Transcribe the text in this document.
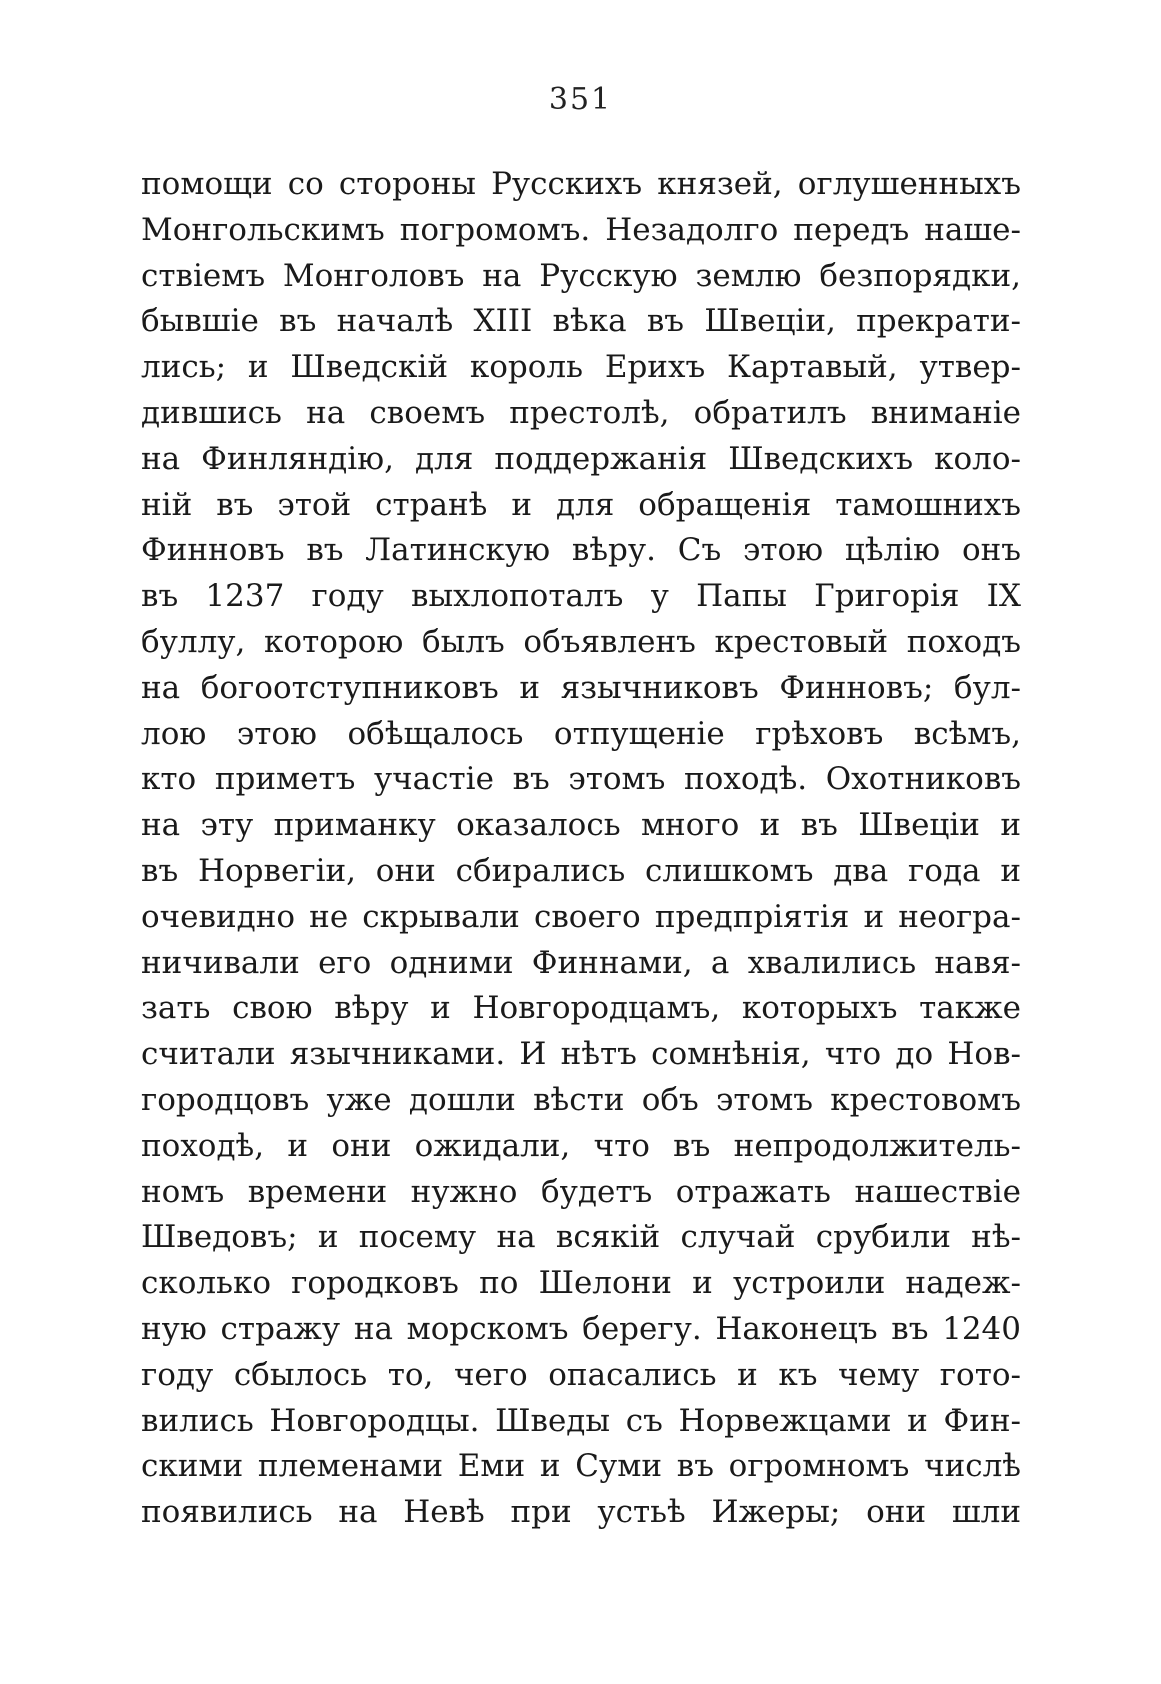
351
помощи со стороны Русскихъ князей, оглушенныхъ
Монгольскимъ погромомъ. Незадолго передъ наше-
ствіемъ Монголовъ на Русскую землю безпорядки,
бывшіе въ началѣ XIII вѣка въ Швеціи, прекрати-
лись; и Шведскій король Ерихъ Картавый, утвер-
дившись на своемъ престолѣ, обратилъ вниманіе
на Финляндію, для поддержанія Шведскихъ коло-
ній въ этой странѣ и для обращенія тамошнихъ
Финновъ въ Латинскую вѣру. Съ этою цѣлію онъ
въ 1237 году выхлопоталъ у Папы Григорія IX
буллу, которою былъ объявленъ крестовый походъ
на богоотступниковъ и язычниковъ Финновъ; бул-
лою этою обѣщалось отпущеніе грѣховъ всѣмъ,
кто приметъ участіе въ этомъ походѣ. Охотниковъ
на эту приманку оказалось много и въ Швеціи и
въ Норвегіи, они сбирались слишкомъ два года и
очевидно не скрывали своего предпріятія и неогра-
ничивали его одними Финнами, а хвалились навя-
зать свою вѣру и Новгородцамъ, которыхъ также
считали язычниками. И нѣтъ сомнѣнія, что до Нов-
городцовъ уже дошли вѣсти объ этомъ крестовомъ
походѣ, и они ожидали, что въ непродолжитель-
номъ времени нужно будетъ отражать нашествіе
Шведовъ; и посему на всякій случай срубили нѣ-
сколько городковъ по Шелони и устроили надеж-
ную стражу на морскомъ берегу. Наконецъ въ 1240
году сбылось то, чего опасались и къ чему гото-
вились Новгородцы. Шведы съ Норвежцами и Фин-
скими племенами Еми и Суми въ огромномъ числѣ
появились на Невѣ при устьѣ Ижеры; они шли
